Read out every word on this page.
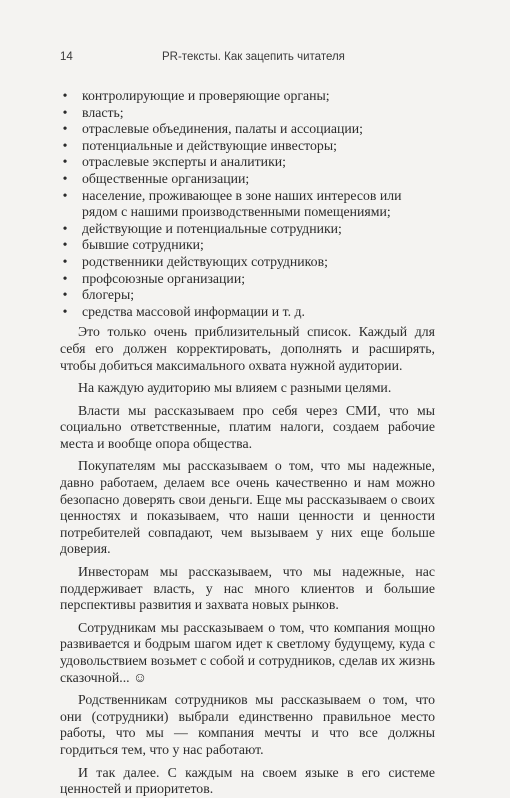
14	PR-тексты. Как зацепить читателя
• контролирующие и проверяющие органы;
• власть;
• отраслевые объединения, палаты и ассоциации;
• потенциальные и действующие инвесторы;
• отраслевые эксперты и аналитики;
• общественные организации;
• население, проживающее в зоне наших интересов или рядом с нашими производственными помещениями;
• действующие и потенциальные сотрудники;
• бывшие сотрудники;
• родственники действующих сотрудников;
• профсоюзные организации;
• блогеры;
• средства массовой информации и т. д.

Это только очень приблизительный список. Каждый для себя его должен корректировать, дополнять и расширять, чтобы добиться максимального охвата нужной аудитории.

На каждую аудиторию мы влияем с разными целями.

Власти мы рассказываем про себя через СМИ, что мы социально ответственные, платим налоги, создаем рабочие места и вообще опора общества.

Покупателям мы рассказываем о том, что мы надежные, давно работаем, делаем все очень качественно и нам можно безопасно доверять свои деньги. Еще мы рассказываем о своих ценностях и показываем, что наши ценности и ценности потребителей совпадают, чем вызываем у них еще больше доверия.

Инвесторам мы рассказываем, что мы надежные, нас поддерживает власть, у нас много клиентов и большие перспективы развития и захвата новых рынков.

Сотрудникам мы рассказываем о том, что компания мощно развивается и бодрым шагом идет к светлому будущему, куда с удовольствием возьмет с собой и сотрудников, сделав их жизнь сказочной... ☺

Родственникам сотрудников мы рассказываем о том, что они (сотрудники) выбрали единственно правильное место работы, что мы — компания мечты и что все должны гордиться тем, что у нас работают.

И так далее. С каждым на своем языке в его системе ценностей и приоритетов.
